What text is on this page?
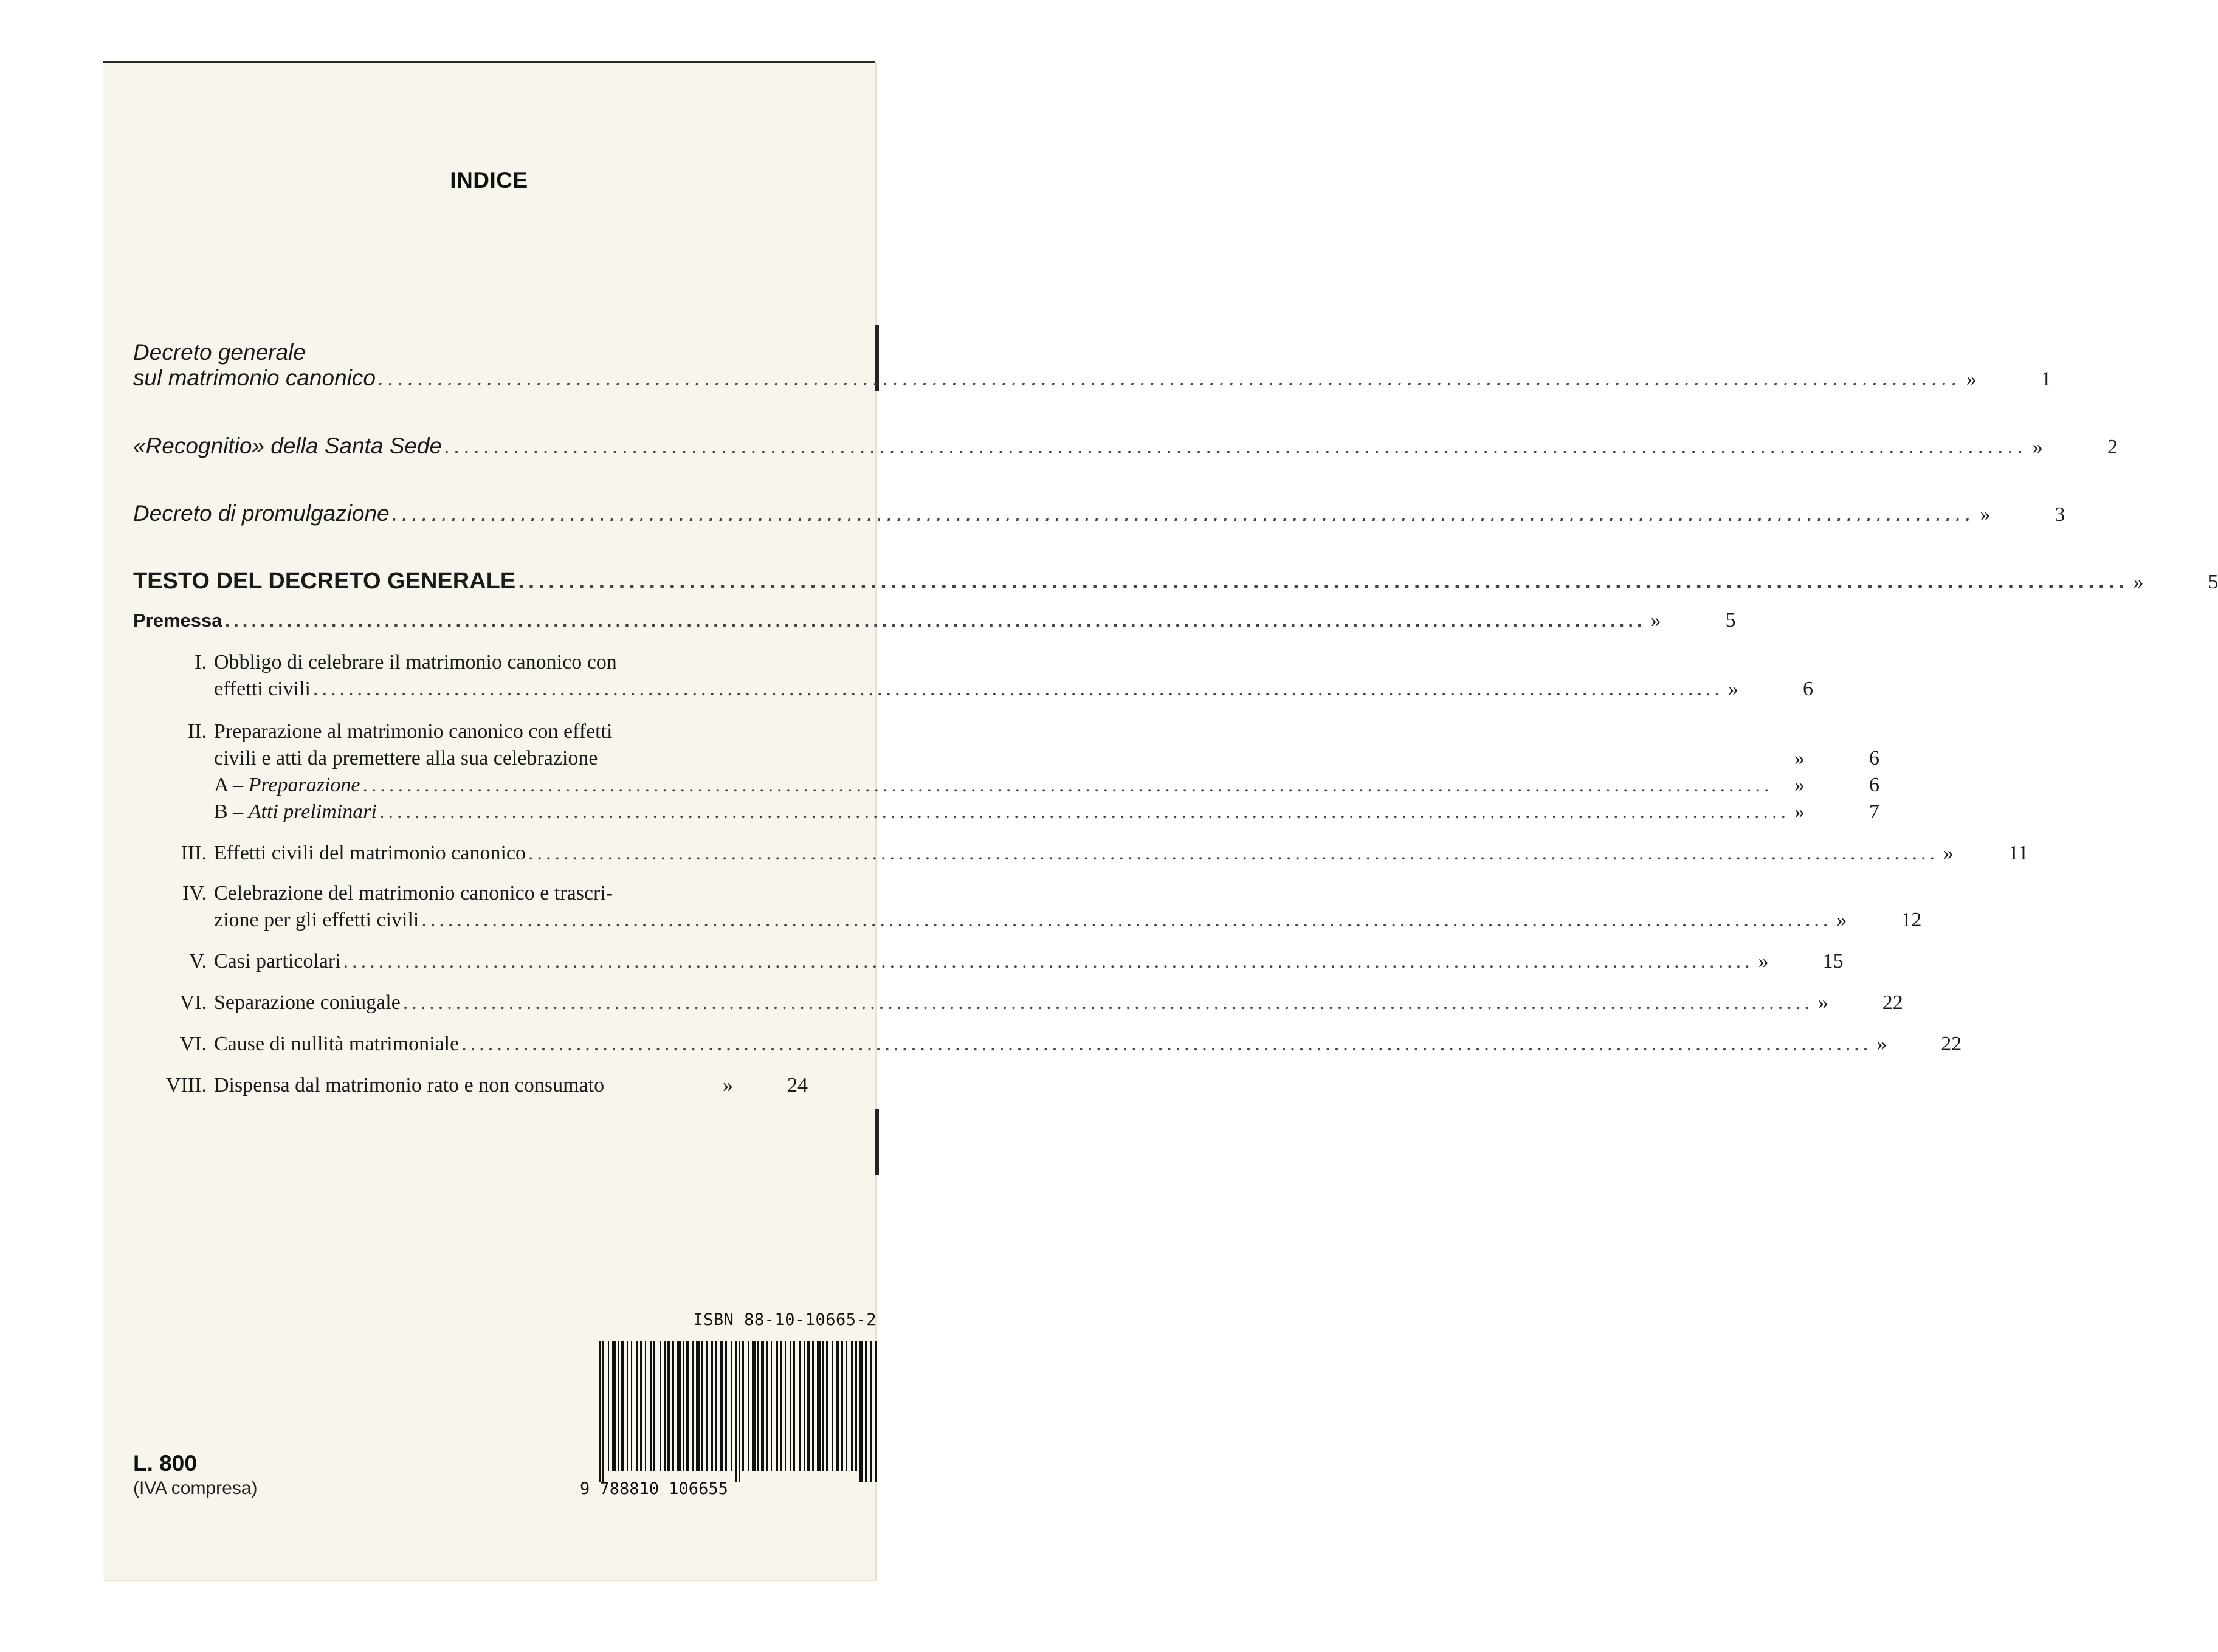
INDICE
Decreto generale
sul matrimonio canonico .....	»	1
«Recognitio» della Santa Sede .....	»	2
Decreto di promulgazione .....	»	3
TESTO DEL DECRETO GENERALE .....	»	5
Premessa .....	»	5
I. Obbligo di celebrare il matrimonio canonico con
effetti civili .....	»	6
II. Preparazione al matrimonio canonico con effetti
civili e atti da premettere alla sua celebrazione	»	6
A – Preparazione .....	»	6
B – Atti preliminari .....	»	7
III. Effetti civili del matrimonio canonico .....	»	11
IV. Celebrazione del matrimonio canonico e trascri-
zione per gli effetti civili .....	»	12
V. Casi particolari .....	»	15
VI. Separazione coniugale .....	»	22
VI. Cause di nullità matrimoniale .....	»	22
VIII. Dispensa dal matrimonio rato e non consumato	»	24
ISBN 88-10-10665-2
9 788810 106655
L. 800
(IVA compresa)
